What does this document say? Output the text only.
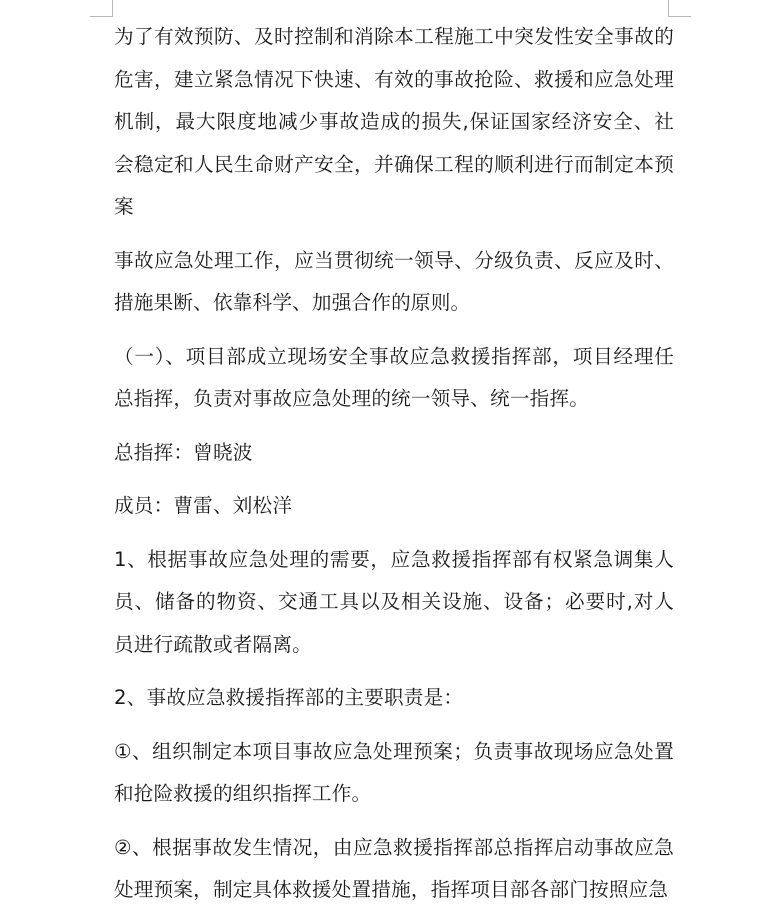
为了有效预防、及时控制和消除本工程施工中突发性安全事故的危害，建立紧急情况下快速、有效的事故抢险、救援和应急处理机制，最大限度地减少事故造成的损失,保证国家经济安全、社会稳定和人民生命财产安全，并确保工程的顺利进行而制定本预案

事故应急处理工作，应当贯彻统一领导、分级负责、反应及时、措施果断、依靠科学、加强合作的原则。

（一）、项目部成立现场安全事故应急救援指挥部，项目经理任总指挥，负责对事故应急处理的统一领导、统一指挥。

总指挥：曾晓波

成员：曹雷、刘松洋

1、根据事故应急处理的需要，应急救援指挥部有权紧急调集人员、储备的物资、交通工具以及相关设施、设备；必要时,对人员进行疏散或者隔离。

2、事故应急救援指挥部的主要职责是：

①、组织制定本项目事故应急处理预案；负责事故现场应急处置和抢险救援的组织指挥工作。

②、根据事故发生情况，由应急救援指挥部总指挥启动事故应急处理预案，制定具体救援处置措施，指挥项目部各部门按照应急
